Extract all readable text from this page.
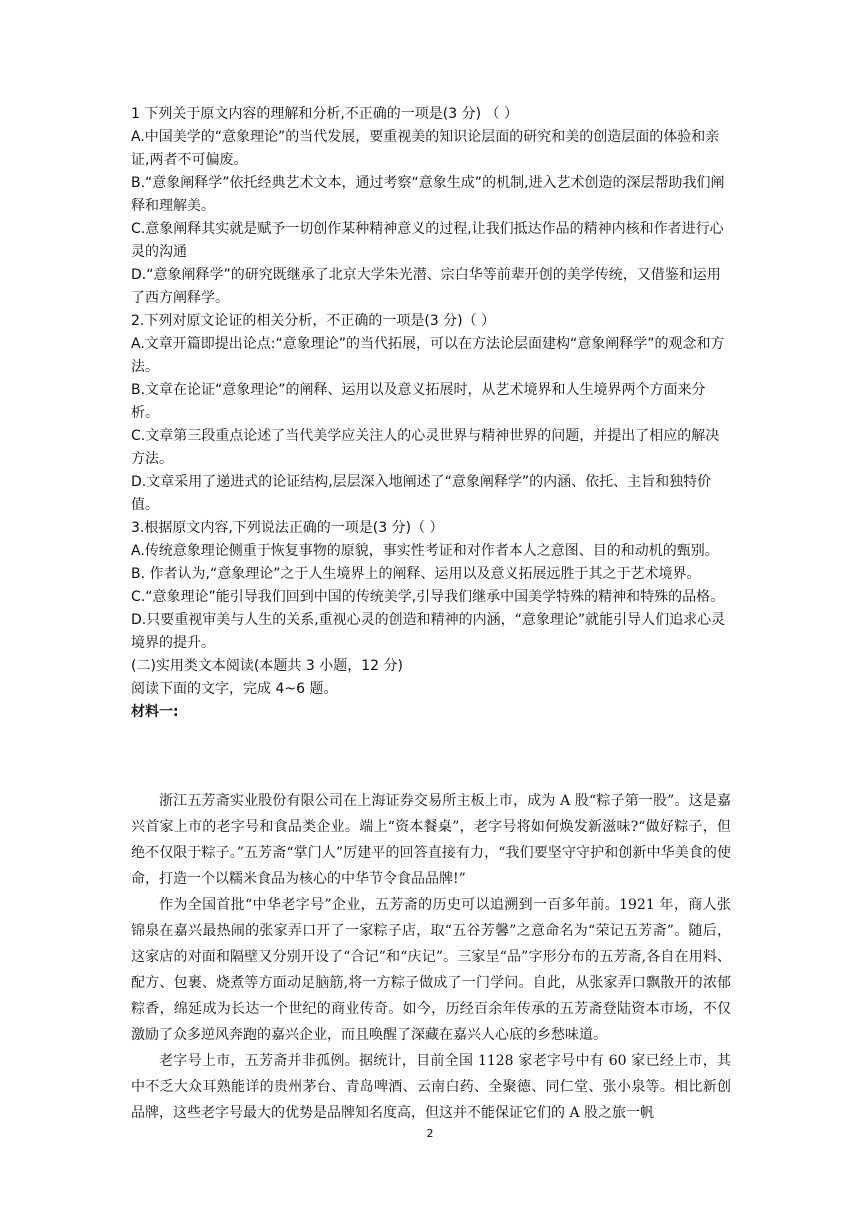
1 下列关于原文内容的理解和分析,不正确的一项是(3 分) （ ）

A.中国美学的“意象理论”的当代发展，要重视美的知识论层面的研究和美的创造层面的体验和亲证,两者不可偏废。

B.“意象阐释学”依托经典艺术文本，通过考察“意象生成”的机制,进入艺术创造的深层帮助我们阐释和理解美。

C.意象阐释其实就是赋予一切创作某种精神意义的过程,让我们抵达作品的精神内核和作者进行心灵的沟通

D.“意象阐释学”的研究既继承了北京大学朱光潜、宗白华等前辈开创的美学传统，又借鉴和运用了西方阐释学。

2.下列对原文论证的相关分析，不正确的一项是(3 分)（ ）

A.文章开篇即提出论点:“意象理论”的当代拓展，可以在方法论层面建构“意象阐释学”的观念和方法。

B.文章在论证“意象理论”的阐释、运用以及意义拓展时，从艺术境界和人生境界两个方面来分析。

C.文章第三段重点论述了当代美学应关注人的心灵世界与精神世界的问题，并提出了相应的解决方法。

D.文章采用了递进式的论证结构,层层深入地阐述了“意象阐释学”的内涵、依托、主旨和独特价值。

3.根据原文内容,下列说法正确的一项是(3 分)（ ）

A.传统意象理论侧重于恢复事物的原貌，事实性考证和对作者本人之意图、目的和动机的甄别。

B. 作者认为,“意象理论”之于人生境界上的阐释、运用以及意义拓展远胜于其之于艺术境界。

C.“意象理论”能引导我们回到中国的传统美学,引导我们继承中国美学特殊的精神和特殊的品格。

D.只要重视审美与人生的关系,重视心灵的创造和精神的内涵，“意象理论”就能引导人们追求心灵境界的提升。

(二)实用类文本阅读(本题共 3 小题，12 分)

阅读下面的文字，完成 4~6 题。

材料一:

浙江五芳斋实业股份有限公司在上海证券交易所主板上市，成为 A 股“粽子第一股”。这是嘉兴首家上市的老字号和食品类企业。端上“资本餐桌”，老字号将如何焕发新滋味?“做好粽子，但绝不仅限于粽子。”五芳斋“掌门人”厉建平的回答直接有力，“我们要坚守守护和创新中华美食的使命，打造一个以糯米食品为核心的中华节令食品品牌!”

作为全国首批“中华老字号”企业，五芳斋的历史可以追溯到一百多年前。1921 年，商人张锦泉在嘉兴最热闹的张家弄口开了一家粽子店，取“五谷芳馨”之意命名为“荣记五芳斋”。随后，这家店的对面和隔壁又分别开设了“合记”和“庆记”。三家呈“品”字形分布的五芳斋,各自在用料、配方、包裹、烧煮等方面动足脑筋,将一方粽子做成了一门学问。自此，从张家弄口飘散开的浓郁粽香，绵延成为长达一个世纪的商业传奇。如今，历经百余年传承的五芳斋登陆资本市场，不仅激励了众多逆风奔跑的嘉兴企业，而且唤醒了深藏在嘉兴人心底的乡愁味道。

老字号上市，五芳斋并非孤例。据统计，目前全国 1128 家老字号中有 60 家已经上市，其中不乏大众耳熟能详的贵州茅台、青岛啤酒、云南白药、全聚德、同仁堂、张小泉等。相比新创品牌，这些老字号最大的优势是品牌知名度高，但这并不能保证它们的 A 股之旅一帆

2
